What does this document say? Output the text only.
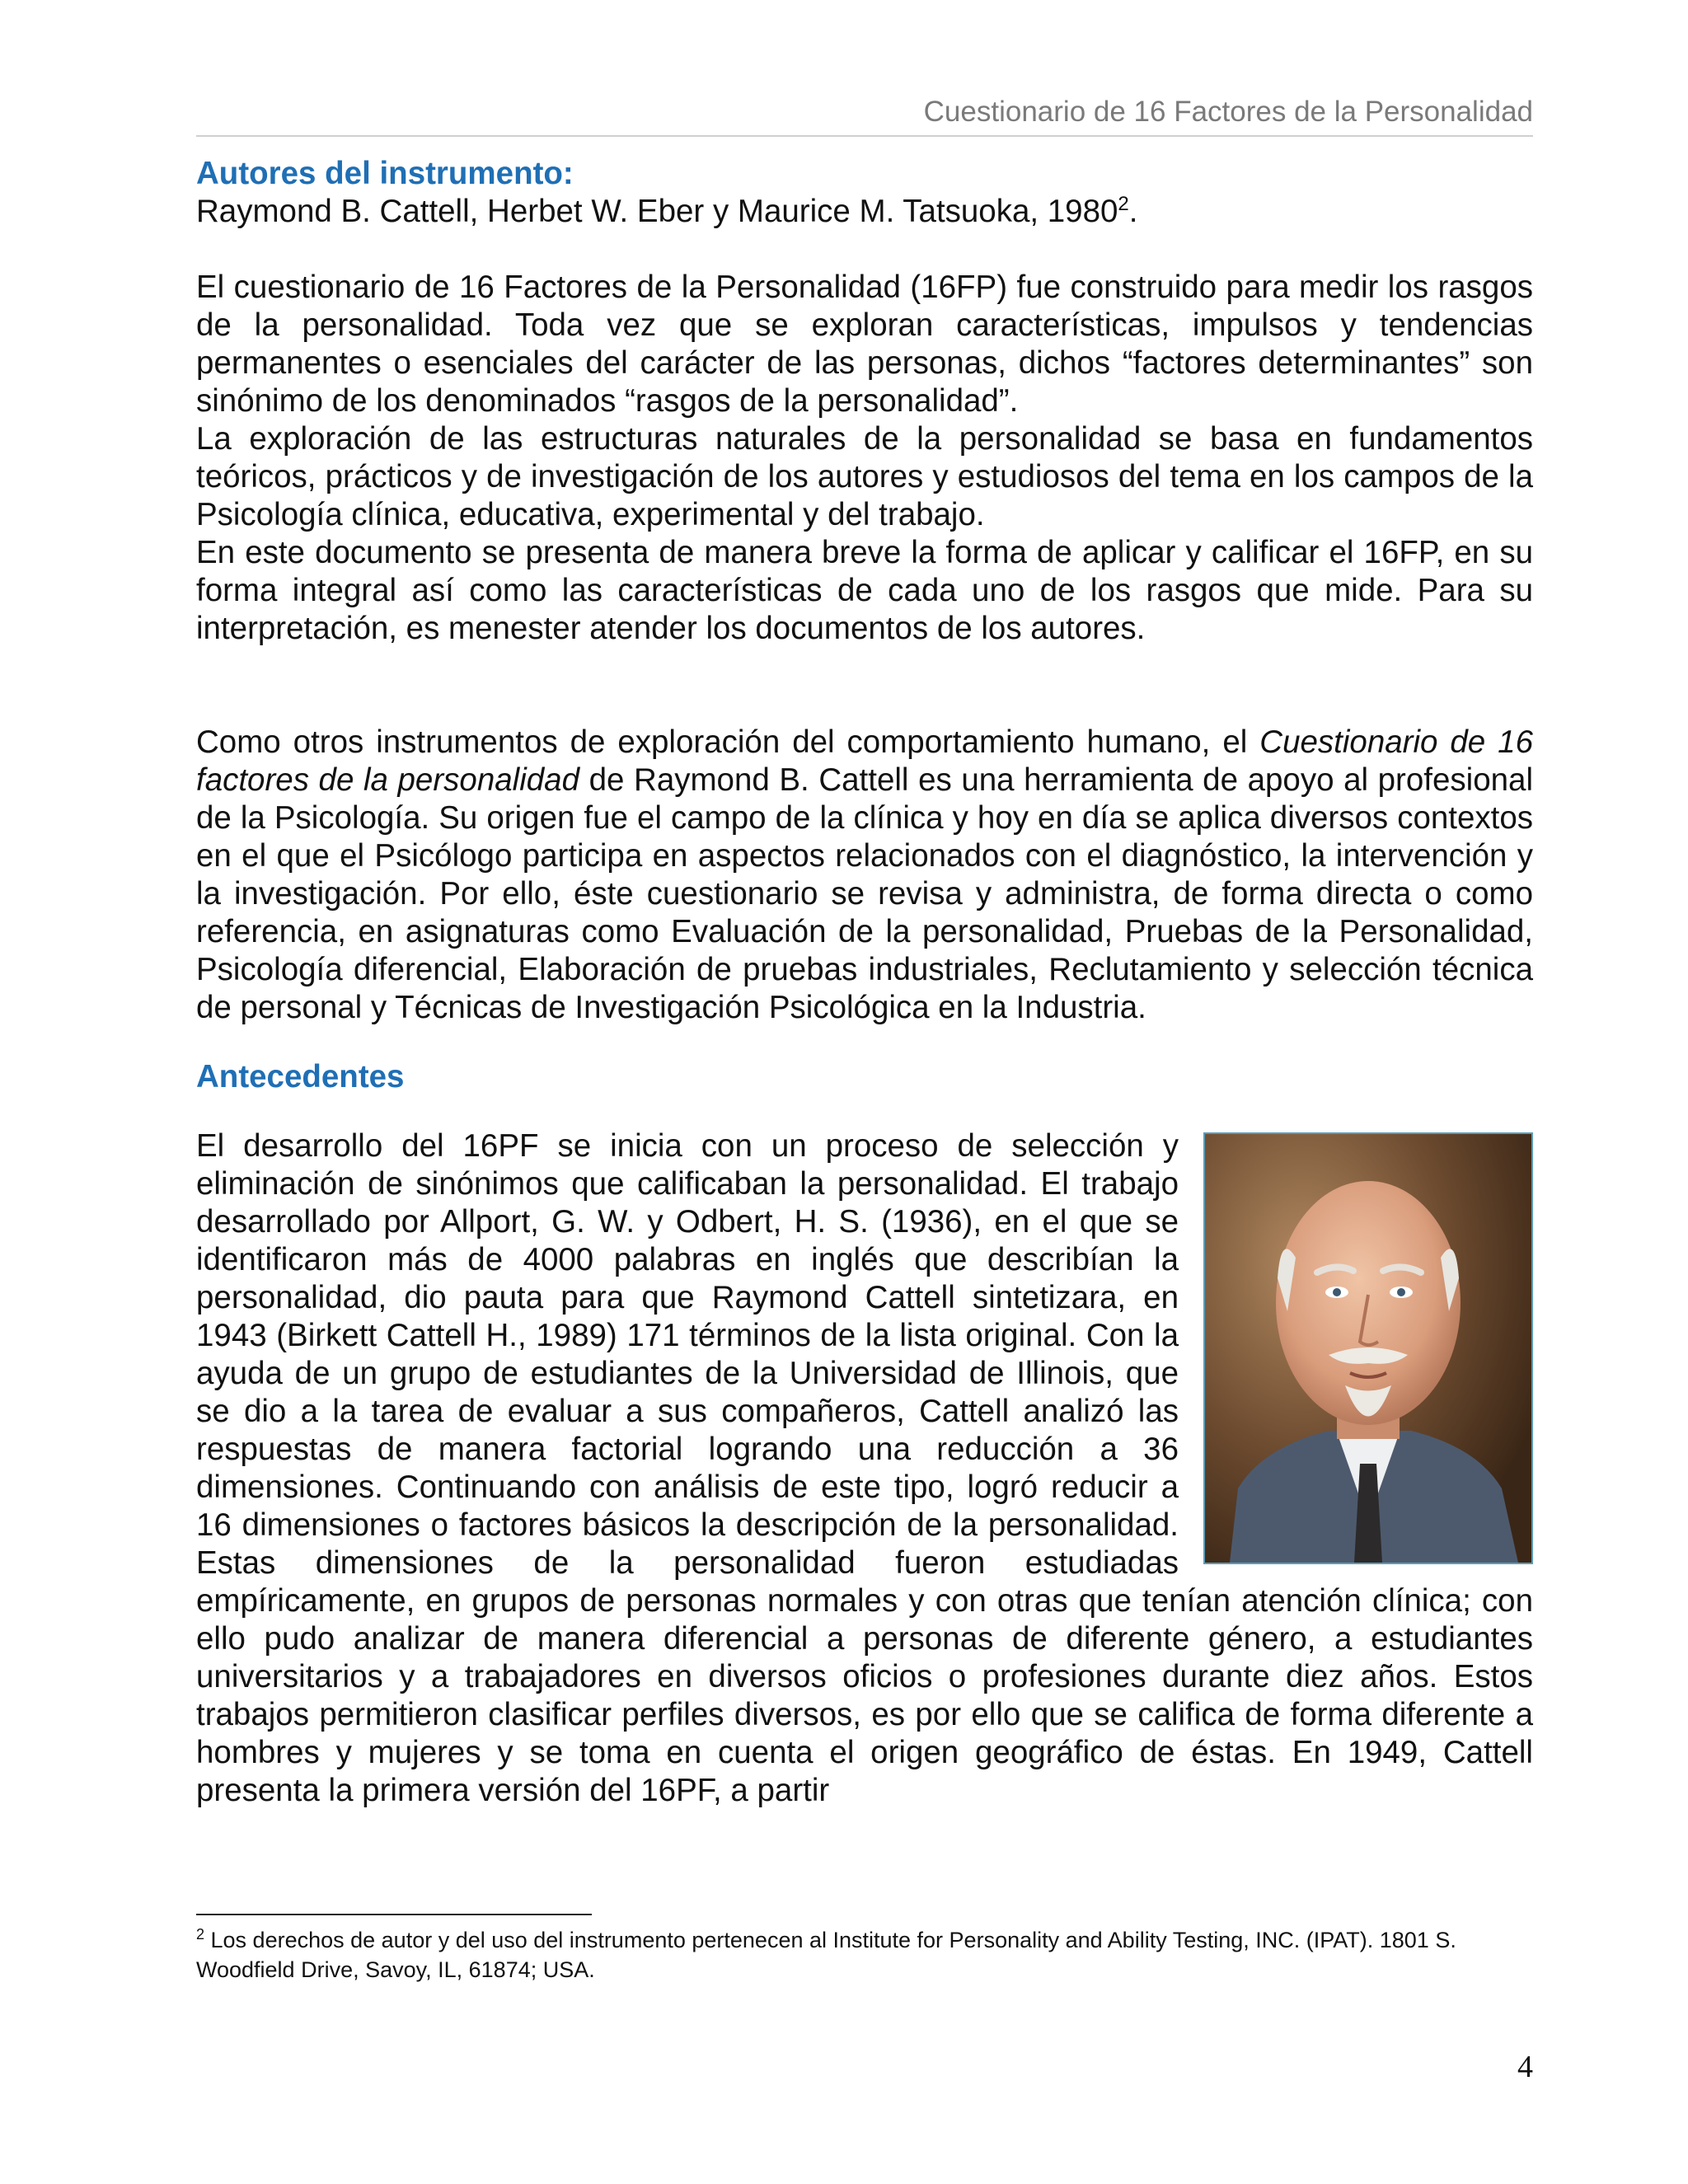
Cuestionario de 16 Factores de la Personalidad

Autores del instrumento:

Raymond B. Cattell, Herbet W. Eber y Maurice M. Tatsuoka, 1980$^2$.

El cuestionario de 16 Factores de la Personalidad (16FP) fue construido para medir los rasgos de la personalidad. Toda vez que se exploran características, impulsos y tendencias permanentes o esenciales del carácter de las personas, dichos “factores determinantes” son sinónimo de los denominados “rasgos de la personalidad”.

La exploración de las estructuras naturales de la personalidad se basa en fundamentos teóricos, prácticos y de investigación de los autores y estudiosos del tema en los campos de la Psicología clínica, educativa, experimental y del trabajo.

En este documento se presenta de manera breve la forma de aplicar y calificar el 16FP, en su forma integral así como las características de cada uno de los rasgos que mide. Para su interpretación, es menester atender los documentos de los autores.

Como otros instrumentos de exploración del comportamiento humano, el Cuestionario de 16 factores de la personalidad de Raymond B. Cattell es una herramienta de apoyo al profesional de la Psicología. Su origen fue el campo de la clínica y hoy en día se aplica diversos contextos en el que el Psicólogo participa en aspectos relacionados con el diagnóstico, la intervención y la investigación. Por ello, éste cuestionario se revisa y administra, de forma directa o como referencia, en asignaturas como Evaluación de la personalidad, Pruebas de la Personalidad, Psicología diferencial, Elaboración de pruebas industriales, Reclutamiento y selección técnica de personal y Técnicas de Investigación Psicológica en la Industria.

Antecedentes

El desarrollo del 16PF se inicia con un proceso de selección y eliminación de sinónimos que calificaban la personalidad. El trabajo desarrollado por Allport, G. W. y Odbert, H. S. (1936), en el que se identificaron más de 4000 palabras en inglés que describían la personalidad, dio pauta para que Raymond Cattell sintetizara, en 1943 (Birkett Cattell H., 1989) 171 términos de la lista original. Con la ayuda de un grupo de estudiantes de la Universidad de Illinois, que se dio a la tarea de evaluar a sus compañeros, Cattell analizó las respuestas de manera factorial logrando una reducción a 36 dimensiones. Continuando con análisis de este tipo, logró reducir a 16 dimensiones o factores básicos la descripción de la personalidad. Estas dimensiones de la personalidad fueron estudiadas empíricamente, en grupos de personas normales y con otras que tenían atención clínica; con ello pudo analizar de manera diferencial a personas de diferente género, a estudiantes universitarios y a trabajadores en diversos oficios o profesiones durante diez años. Estos trabajos permitieron clasificar perfiles diversos, es por ello que se califica de forma diferente a hombres y mujeres y se toma en cuenta el origen geográfico de éstas. En 1949, Cattell presenta la primera versión del 16PF, a partir

$^2$ Los derechos de autor y del uso del instrumento pertenecen al Institute for Personality and Ability Testing, INC. (IPAT). 1801 S. Woodfield Drive, Savoy, IL, 61874; USA.
4
